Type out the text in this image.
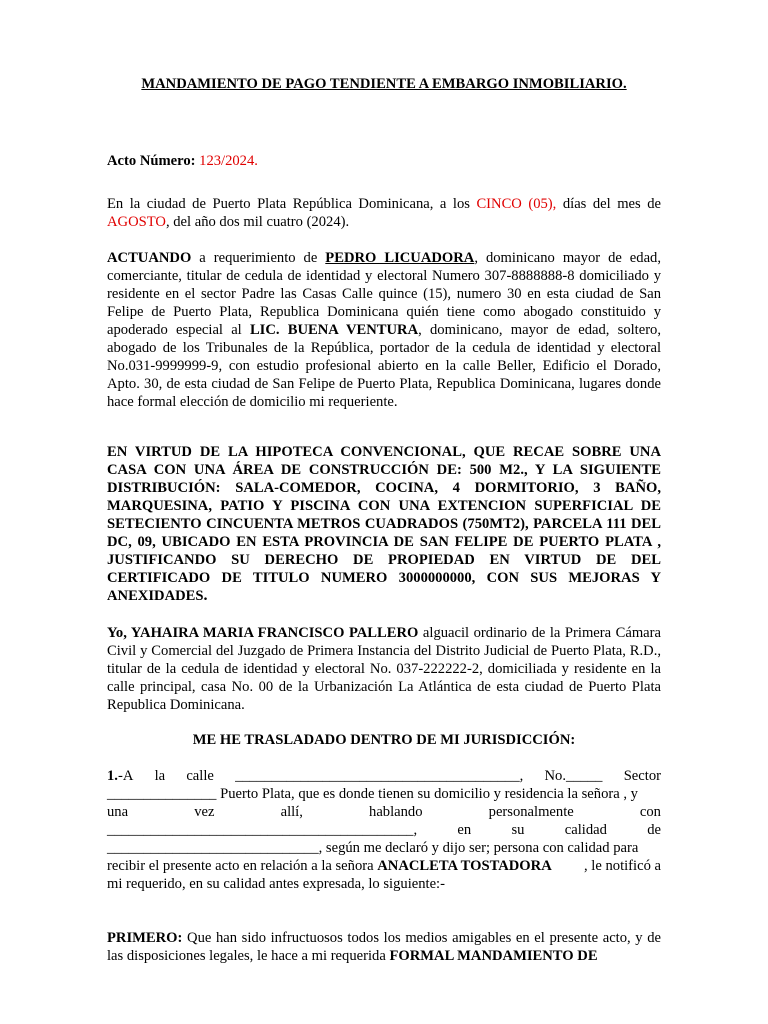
MANDAMIENTO DE PAGO TENDIENTE A EMBARGO INMOBILIARIO.
Acto Número: 123/2024.
En la ciudad de Puerto Plata República Dominicana, a los CINCO (05), días del mes de AGOSTO, del año dos mil cuatro (2024).
ACTUANDO a requerimiento de PEDRO LICUADORA, dominicano mayor de edad, comerciante, titular de cedula de identidad y electoral Numero 307-8888888-8 domiciliado y residente en el sector Padre las Casas Calle quince (15), numero 30 en esta ciudad de San Felipe de Puerto Plata, Republica Dominicana quién tiene como abogado constituido y apoderado especial al LIC. BUENA VENTURA, dominicano, mayor de edad, soltero, abogado de los Tribunales de la República, portador de la cedula de identidad y electoral No.031-9999999-9, con estudio profesional abierto en la calle Beller, Edificio el Dorado, Apto. 30, de esta ciudad de San Felipe de Puerto Plata, Republica Dominicana, lugares donde hace formal elección de domicilio mi requeriente.
EN VIRTUD DE LA HIPOTECA CONVENCIONAL, QUE RECAE SOBRE UNA CASA CON UNA ÁREA DE CONSTRUCCIÓN DE: 500 M2., Y LA SIGUIENTE DISTRIBUCIÓN: SALA-COMEDOR, COCINA, 4 DORMITORIO, 3 BAÑO, MARQUESINA, PATIO Y PISCINA CON UNA EXTENCION SUPERFICIAL DE SETECIENTO CINCUENTA METROS CUADRADOS (750MT2), PARCELA 111 DEL DC, 09, UBICADO EN ESTA PROVINCIA DE SAN FELIPE DE PUERTO PLATA , JUSTIFICANDO SU DERECHO DE PROPIEDAD EN VIRTUD DE DEL CERTIFICADO DE TITULO NUMERO 3000000000, CON SUS MEJORAS Y ANEXIDADES.
Yo, YAHAIRA MARIA FRANCISCO PALLERO alguacil ordinario de la Primera Cámara Civil y Comercial del Juzgado de Primera Instancia del Distrito Judicial de Puerto Plata, R.D., titular de la cedula de identidad y electoral No. 037-222222-2, domiciliada y residente en la calle principal, casa No. 00 de la Urbanización La Atlántica de esta ciudad de Puerto Plata Republica Dominicana.
ME HE TRASLADADO DENTRO DE MI JURISDICCIÓN:
1.-A la calle _______________________________________, No._____ Sector
_______________ Puerto Plata, que es donde tienen su domicilio y residencia la señora , y
una	vez	allí,	hablando	personalmente	con
__________________________________________,	en	su	calidad	de
_____________________________, según me declaró y dijo ser; persona con calidad para
recibir el presente acto en relación a la señora ANACLETA TOSTADORA , le notificó a
mi requerido, en su calidad antes expresada, lo siguiente:-
PRIMERO: Que han sido infructuosos todos los medios amigables en el presente acto, y de las disposiciones legales, le hace a mi requerida FORMAL MANDAMIENTO DE
